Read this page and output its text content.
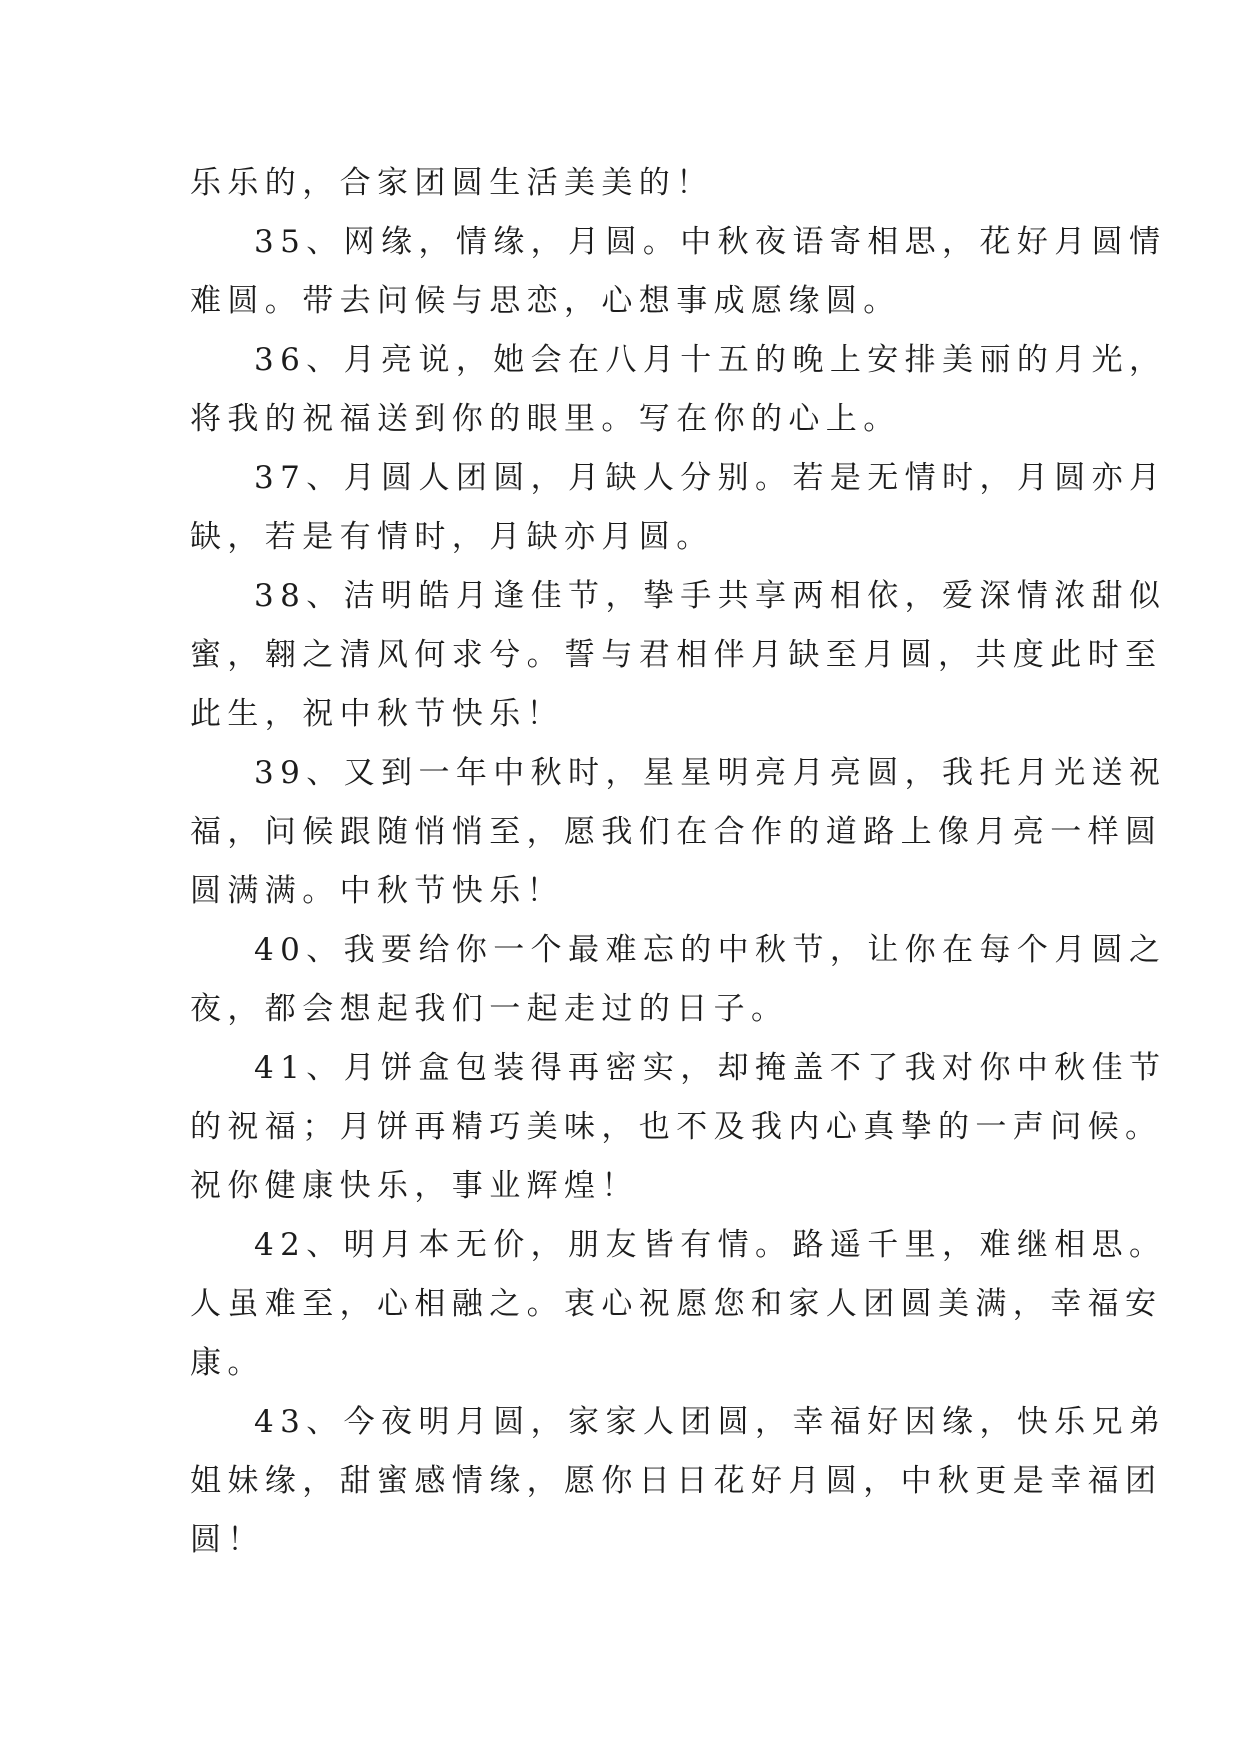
乐乐的，合家团圆生活美美的！
35、网缘，情缘，月圆。中秋夜语寄相思，花好月圆情
难圆。带去问候与思恋，心想事成愿缘圆。
36、月亮说，她会在八月十五的晚上安排美丽的月光，
将我的祝福送到你的眼里。写在你的心上。
37、月圆人团圆，月缺人分别。若是无情时，月圆亦月
缺，若是有情时，月缺亦月圆。
38、洁明皓月逢佳节，挚手共享两相依，爱深情浓甜似
蜜，翱之清风何求兮。誓与君相伴月缺至月圆，共度此时至
此生，祝中秋节快乐！
39、又到一年中秋时，星星明亮月亮圆，我托月光送祝
福，问候跟随悄悄至，愿我们在合作的道路上像月亮一样圆
圆满满。中秋节快乐！
40、我要给你一个最难忘的中秋节，让你在每个月圆之
夜，都会想起我们一起走过的日子。
41、月饼盒包装得再密实，却掩盖不了我对你中秋佳节
的祝福；月饼再精巧美味，也不及我内心真挚的一声问候。
祝你健康快乐，事业辉煌！
42、明月本无价，朋友皆有情。路遥千里，难继相思。
人虽难至，心相融之。衷心祝愿您和家人团圆美满，幸福安
康。
43、今夜明月圆，家家人团圆，幸福好因缘，快乐兄弟
姐妹缘，甜蜜感情缘，愿你日日花好月圆，中秋更是幸福团
圆！
